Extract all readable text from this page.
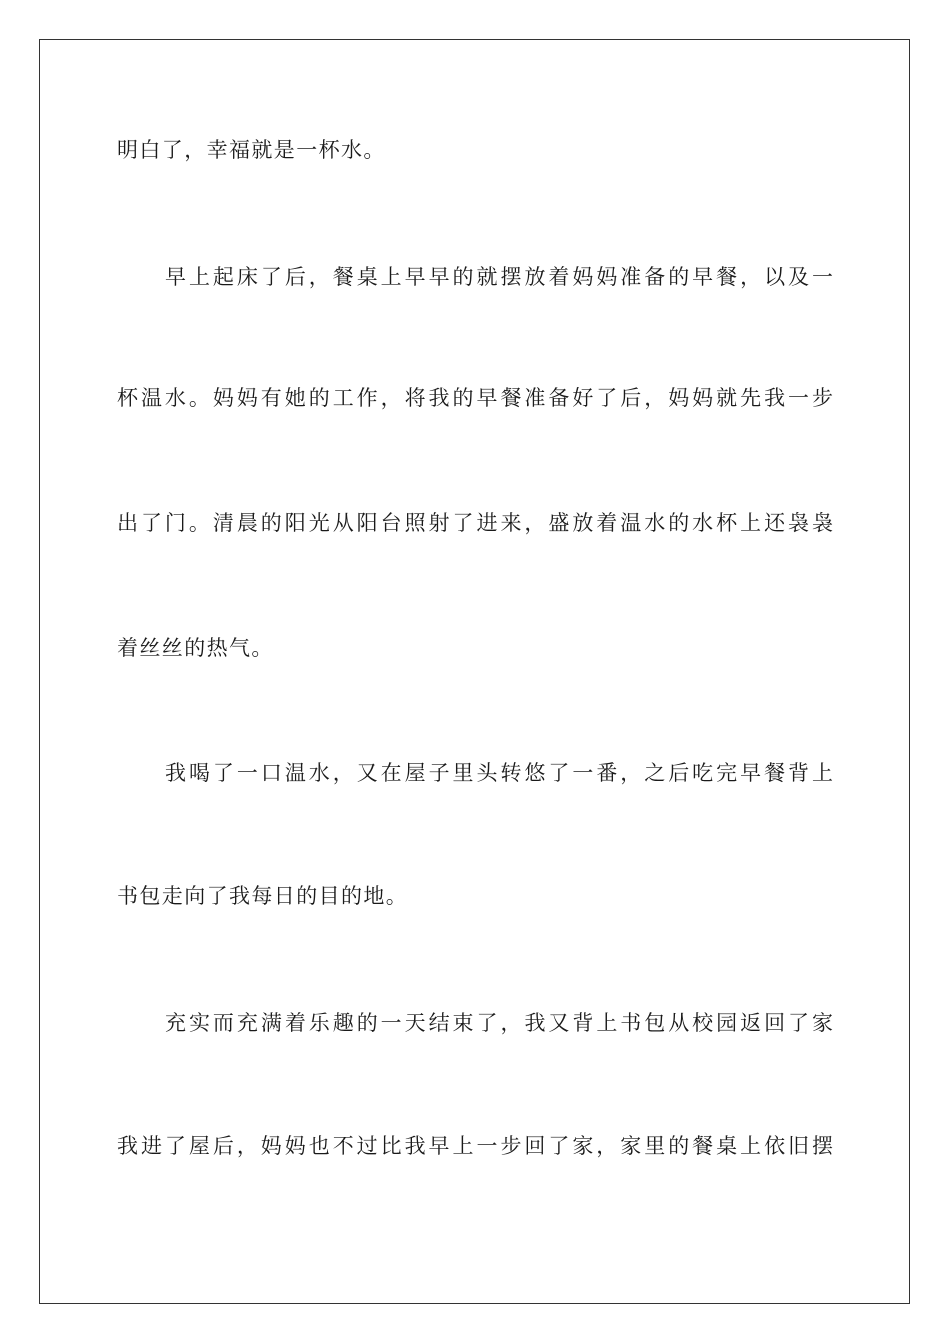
明白了，幸福就是一杯水。
早上起床了后，餐桌上早早的就摆放着妈妈准备的早餐，以及一
杯温水。妈妈有她的工作，将我的早餐准备好了后，妈妈就先我一步
出了门。清晨的阳光从阳台照射了进来，盛放着温水的水杯上还袅袅
着丝丝的热气。
我喝了一口温水，又在屋子里头转悠了一番，之后吃完早餐背上
书包走向了我每日的目的地。
充实而充满着乐趣的一天结束了，我又背上书包从校园返回了家
我进了屋后，妈妈也不过比我早上一步回了家，家里的餐桌上依旧摆
